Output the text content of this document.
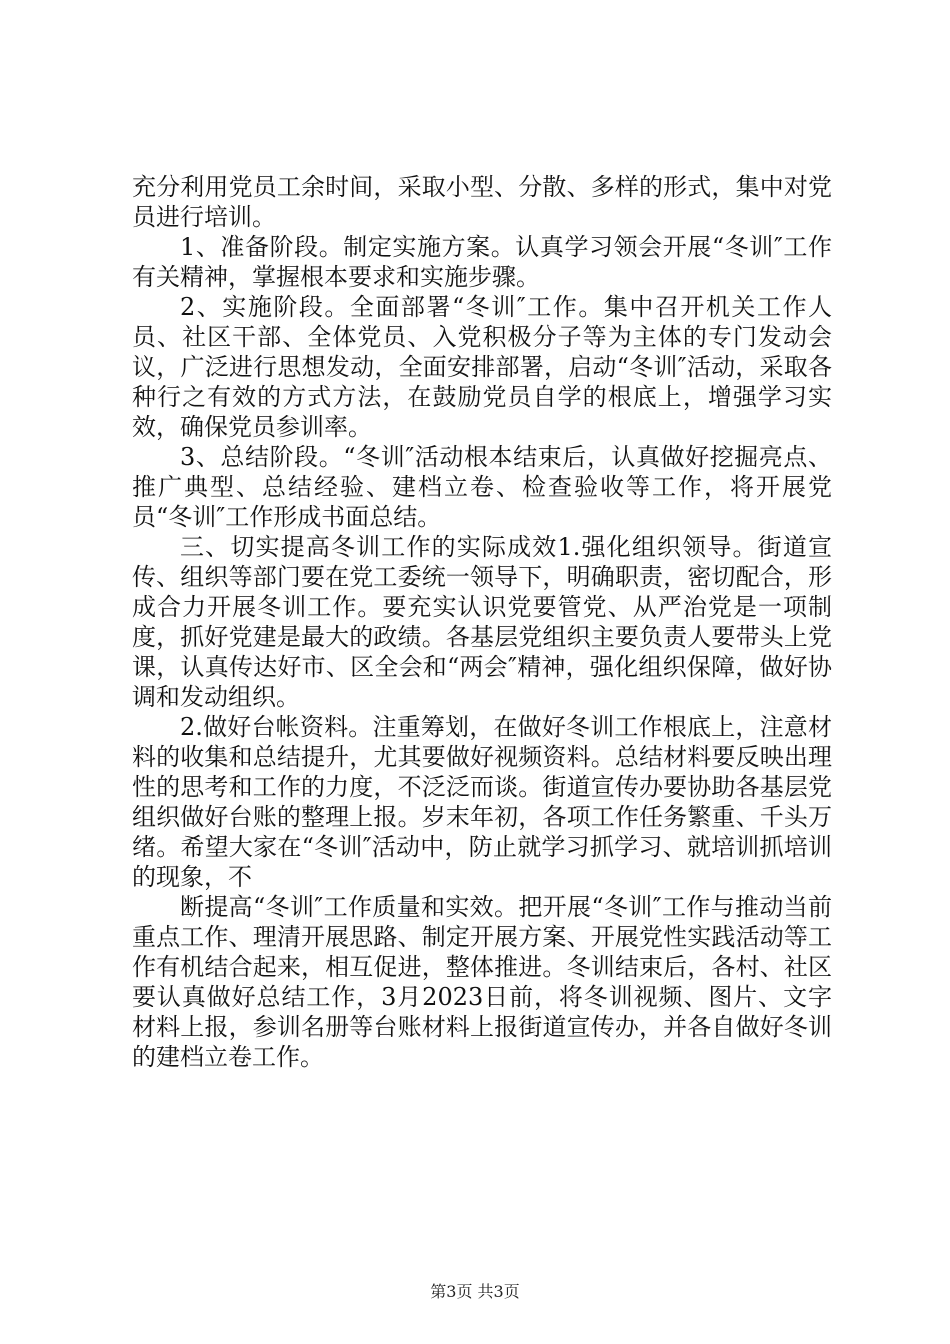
充分利用党员工余时间，采取小型、分散、多样的形式，集中对党员进行培训。

1、准备阶段。制定实施方案。认真学习领会开展“冬训″工作有关精神，掌握根本要求和实施步骤。

2、实施阶段。全面部署“冬训″工作。集中召开机关工作人员、社区干部、全体党员、入党积极分子等为主体的专门发动会议，广泛进行思想发动，全面安排部署，启动“冬训″活动，采取各种行之有效的方式方法，在鼓励党员自学的根底上，增强学习实效，确保党员参训率。

3、总结阶段。“冬训″活动根本结束后，认真做好挖掘亮点、推广典型、总结经验、建档立卷、检查验收等工作，将开展党员“冬训″工作形成书面总结。

三、切实提高冬训工作的实际成效1.强化组织领导。街道宣传、组织等部门要在党工委统一领导下，明确职责，密切配合，形成合力开展冬训工作。要充实认识党要管党、从严治党是一项制度，抓好党建是最大的政绩。各基层党组织主要负责人要带头上党课，认真传达好市、区全会和“两会″精神，强化组织保障，做好协调和发动组织。

2.做好台帐资料。注重筹划，在做好冬训工作根底上，注意材料的收集和总结提升，尤其要做好视频资料。总结材料要反映出理性的思考和工作的力度，不泛泛而谈。街道宣传办要协助各基层党组织做好台账的整理上报。岁末年初，各项工作任务繁重、千头万绪。希望大家在“冬训″活动中，防止就学习抓学习、就培训抓培训的现象，不

断提高“冬训″工作质量和实效。把开展“冬训″工作与推动当前重点工作、理清开展思路、制定开展方案、开展党性实践活动等工作有机结合起来，相互促进，整体推进。冬训结束后，各村、社区要认真做好总结工作，3月2023日前，将冬训视频、图片、文字材料上报，参训名册等台账材料上报街道宣传办，并各自做好冬训的建档立卷工作。

第3页 共3页
